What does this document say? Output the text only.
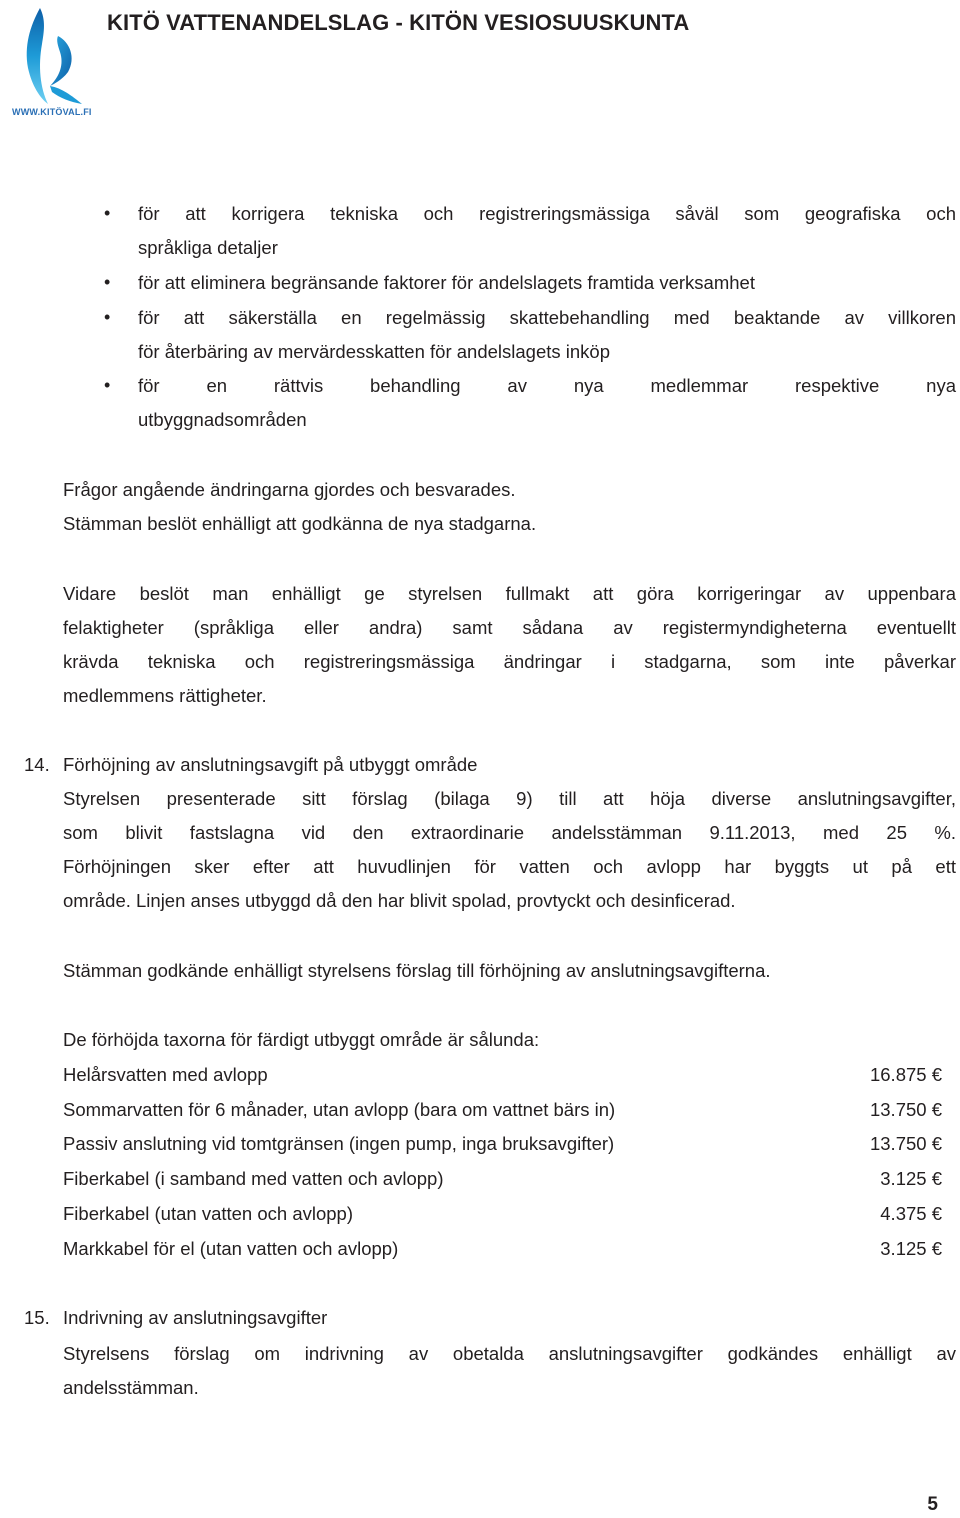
WWW.KITÖVAL.FI
KITÖ VATTENANDELSLAG - KITÖN VESIOSUUSKUNTA
• för att korrigera tekniska och registreringsmässiga såväl som geografiska och
språkliga detaljer
• för att eliminera begränsande faktorer för andelslagets framtida verksamhet
• för att säkerställa en regelmässig skattebehandling med beaktande av villkoren
för återbäring av mervärdesskatten för andelslagets inköp
• för en rättvis behandling av nya medlemmar respektive nya
utbyggnadsområden
Frågor angående ändringarna gjordes och besvarades.
Stämman beslöt enhälligt att godkänna de nya stadgarna.
Vidare beslöt man enhälligt ge styrelsen fullmakt att göra korrigeringar av uppenbara
felaktigheter (språkliga eller andra) samt sådana av registermyndigheterna eventuellt
krävda tekniska och registreringsmässiga ändringar i stadgarna, som inte påverkar
medlemmens rättigheter.
14. Förhöjning av anslutningsavgift på utbyggt område
Styrelsen presenterade sitt förslag (bilaga 9) till att höja diverse anslutningsavgifter,
som blivit fastslagna vid den extraordinarie andelsstämman 9.11.2013, med 25 %.
Förhöjningen sker efter att huvudlinjen för vatten och avlopp har byggts ut på ett
område. Linjen anses utbyggd då den har blivit spolad, provtyckt och desinficerad.
Stämman godkände enhälligt styrelsens förslag till förhöjning av anslutningsavgifterna.
De förhöjda taxorna för färdigt utbyggt område är sålunda:
Helårsvatten med avlopp	16.875 €
Sommarvatten för 6 månader, utan avlopp (bara om vattnet bärs in)	13.750 €
Passiv anslutning vid tomtgränsen (ingen pump, inga bruksavgifter)	13.750 €
Fiberkabel (i samband med vatten och avlopp)	3.125 €
Fiberkabel (utan vatten och avlopp)	4.375 €
Markkabel för el (utan vatten och avlopp)	3.125 €
15. Indrivning av anslutningsavgifter
Styrelsens förslag om indrivning av obetalda anslutningsavgifter godkändes enhälligt av
andelsstämman.
5
